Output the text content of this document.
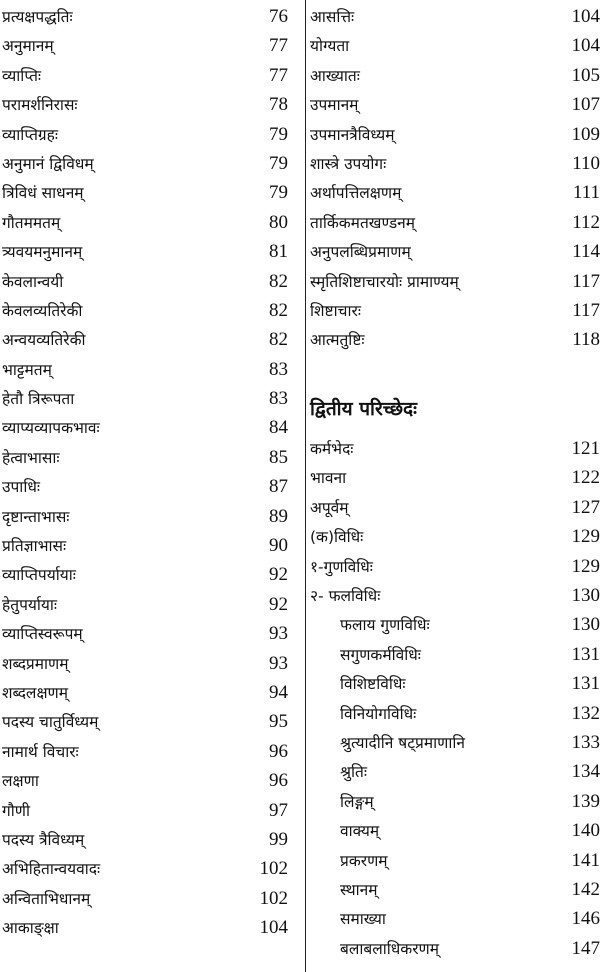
प्रत्यक्षपद्धतिः	76
अनुमानम्	77
व्याप्तिः	77
परामर्शनिरासः	78
व्याप्तिग्रहः	79
अनुमानं द्विविधम्	79
त्रिविधं साधनम्	79
गौतममतम्	80
त्र्यवयमनुमानम्	81
केवलान्वयी	82
केवलव्यतिरेकी	82
अन्वयव्यतिरेकी	82
भाट्टमतम्	83
हेतौ त्रिरूपता	83
व्याप्यव्यापकभावः	84
हेत्वाभासाः	85
उपाधिः	87
दृष्टान्ताभासः	89
प्रतिज्ञाभासः	90
व्याप्तिपर्यायाः	92
हेतुपर्यायाः	92
व्याप्तिस्वरूपम्	93
शब्दप्रमाणम्	93
शब्दलक्षणम्	94
पदस्य चातुर्विध्यम्	95
नामार्थ विचारः	96
लक्षणा	96
गौणी	97
पदस्य त्रैविध्यम्	99
अभिहितान्वयवादः	102
अन्विताभिधानम्	102
आकाङ्क्षा	104
आसत्तिः	104
योग्यता	104
आख्यातः	105
उपमानम्	107
उपमानत्रैविध्यम्	109
शास्त्रे उपयोगः	110
अर्थापत्तिलक्षणम्	111
तार्किकमतखण्डनम्	112
अनुपलब्धिप्रमाणम्	114
स्मृतिशिष्टाचारयोः प्रामाण्यम्	117
शिष्टाचारः	117
आत्मतुष्टिः	118
द्वितीय परिच्छेदः
कर्मभेदः	121
भावना	122
अपूर्वम्	127
(क)विधिः	129
१-गुणविधिः	129
२- फलविधिः	130
फलाय गुणविधिः	130
सगुणकर्मविधिः	131
विशिष्टविधिः	131
विनियोगविधिः	132
श्रुत्यादीनि षट्प्रमाणानि	133
श्रुतिः	134
लिङ्गम्	139
वाक्यम्	140
प्रकरणम्	141
स्थानम्	142
समाख्या	146
बलाबलाधिकरणम्	147
